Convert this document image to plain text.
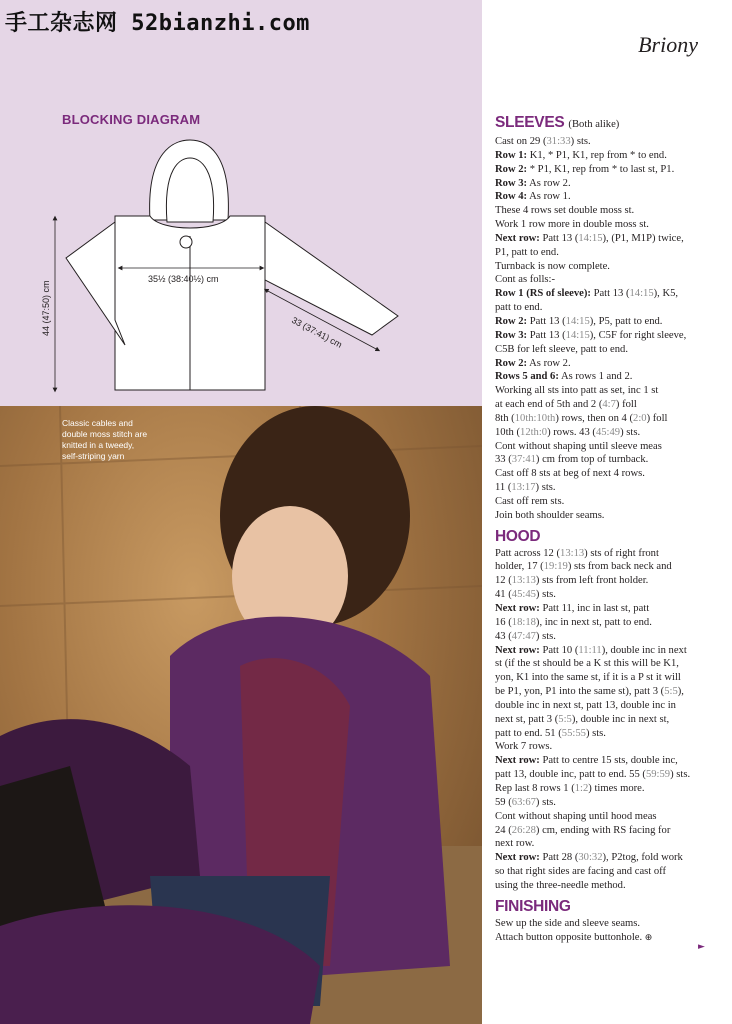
手工杂志网 52bianzhi.com
BLOCKING DIAGRAM
35½ (38:40½) cm
44 (47:50) cm	33 (37:41) cm
Classic cables and double moss stitch are knitted in a tweedy, self-striping yarn
Briony
SLEEVES (Both alike)
Cast on 29 (31:33) sts.
Row 1: K1, * P1, K1, rep from * to end.
Row 2: * P1, K1, rep from * to last st, P1.
Row 3: As row 2.
Row 4: As row 1.
These 4 rows set double moss st.
Work 1 row more in double moss st.
Next row: Patt 13 (14:15), (P1, M1P) twice,
P1, patt to end.
Turnback is now complete.
Cont as folls:-
Row 1 (RS of sleeve): Patt 13 (14:15), K5,
patt to end.
Row 2: Patt 13 (14:15), P5, patt to end.
Row 3: Patt 13 (14:15), C5F for right sleeve,
C5B for left sleeve, patt to end.
Row 2: As row 2.
Rows 5 and 6: As rows 1 and 2.
Working all sts into patt as set, inc 1 st
at each end of 5th and 2 (4:7) foll
8th (10th:10th) rows, then on 4 (2:0) foll
10th (12th:0) rows. 43 (45:49) sts.
Cont without shaping until sleeve meas
33 (37:41) cm from top of turnback.
Cast off 8 sts at beg of next 4 rows.
11 (13:17) sts.
Cast off rem sts.
Join both shoulder seams.
HOOD
Patt across 12 (13:13) sts of right front
holder, 17 (19:19) sts from back neck and
12 (13:13) sts from left front holder.
41 (45:45) sts.
Next row: Patt 11, inc in last st, patt
16 (18:18), inc in next st, patt to end.
43 (47:47) sts.
Next row: Patt 10 (11:11), double inc in next
st (if the st should be a K st this will be K1,
yon, K1 into the same st, if it is a P st it will
be P1, yon, P1 into the same st), patt 3 (5:5),
double inc in next st, patt 13, double inc in
next st, patt 3 (5:5), double inc in next st,
patt to end. 51 (55:55) sts.
Work 7 rows.
Next row: Patt to centre 15 sts, double inc,
patt 13, double inc, patt to end. 55 (59:59) sts.
Rep last 8 rows 1 (1:2) times more.
59 (63:67) sts.
Cont without shaping until hood meas
24 (26:28) cm, ending with RS facing for
next row.
Next row: Patt 28 (30:32), P2tog, fold work
so that right sides are facing and cast off
using the three-needle method.
FINISHING
Sew up the side and sleeve seams.
Attach button opposite buttonhole. ⊕
►
